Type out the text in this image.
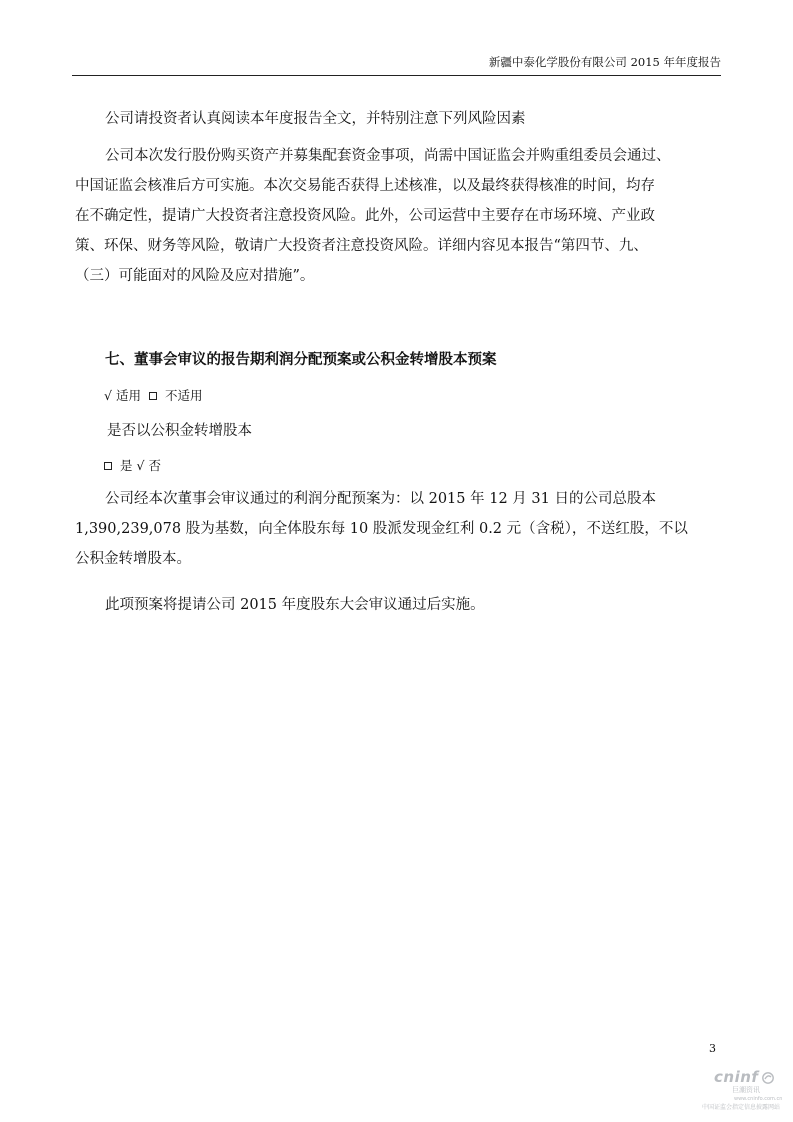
新疆中泰化学股份有限公司 2015 年年度报告

公司请投资者认真阅读本年度报告全文，并特别注意下列风险因素

公司本次发行股份购买资产并募集配套资金事项，尚需中国证监会并购重组委员会通过、
中国证监会核准后方可实施。本次交易能否获得上述核准，以及最终获得核准的时间，均存
在不确定性，提请广大投资者注意投资风险。此外，公司运营中主要存在市场环境、产业政
策、环保、财务等风险，敬请广大投资者注意投资风险。详细内容见本报告“第四节、九、
（三）可能面对的风险及应对措施”。
七、董事会审议的报告期利润分配预案或公积金转增股本预案
√ 适用 不适用
是否以公积金转增股本
是 √ 否
公司经本次董事会审议通过的利润分配预案为：以 2015 年 12 月 31 日的公司总股本
1,390,239,078 股为基数，向全体股东每 10 股派发现金红利 0.2 元（含税），不送红股，不以
公积金转增股本。
此项预案将提请公司 2015 年度股东大会审议通过后实施。
3
cninf
巨潮资讯
www.cninfo.com.cn
中国证监会指定信息披露网站
